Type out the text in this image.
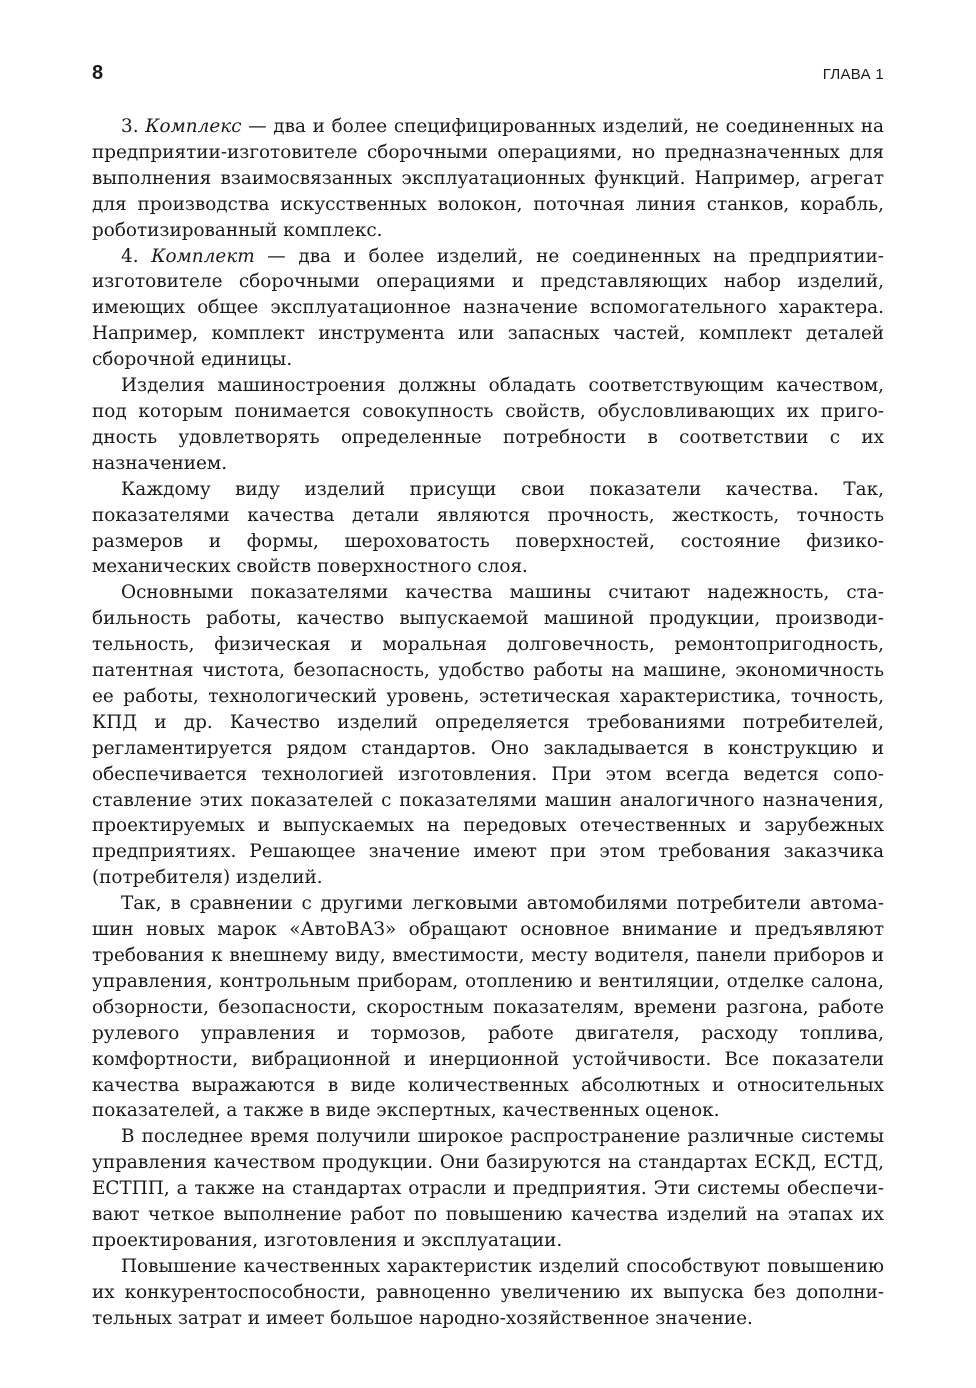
8	ГЛАВА 1

3. Комплекс — два и более специфицированных изделий, не соединенных на предприятии-изготовителе сборочными операциями, но предназначенных для выполнения взаимосвязанных эксплуатационных функций. Например, агрегат для производства искусственных волокон, поточная линия станков, корабль, роботизированный комплекс.

4. Комплект — два и более изделий, не соединенных на предприятии-изготовителе сборочными операциями и представляющих набор изделий, имеющих общее эксплуатационное назначение вспомогательного характера. Например, комплект инструмента или запасных частей, комплект деталей сборочной единицы.

Изделия машиностроения должны обладать соответствующим качеством, под которым понимается совокупность свойств, обусловливающих их пригодность удовлетворять определенные потребности в соответствии с их назначением.

Каждому виду изделий присущи свои показатели качества. Так, показателями качества детали являются прочность, жесткость, точность размеров и формы, шероховатость поверхностей, состояние физико-механических свойств поверхностного слоя.

Основными показателями качества машины считают надежность, стабильность работы, качество выпускаемой машиной продукции, производительность, физическая и моральная долговечность, ремонтопригодность, патентная чистота, безопасность, удобство работы на машине, экономичность ее работы, технологический уровень, эстетическая характеристика, точность, КПД и др. Качество изделий определяется требованиями потребителей, регламентируется рядом стандартов. Оно закладывается в конструкцию и обеспечивается технологией изготовления. При этом всегда ведется сопоставление этих показателей с показателями машин аналогичного назначения, проектируемых и выпускаемых на передовых отечественных и зарубежных предприятиях. Решающее значение имеют при этом требования заказчика (потребителя) изделий.

Так, в сравнении с другими легковыми автомобилями потребители автомашин новых марок «АвтоВАЗ» обращают основное внимание и предъявляют требования к внешнему виду, вместимости, месту водителя, панели приборов и управления, контрольным приборам, отоплению и вентиляции, отделке салона, обзорности, безопасности, скоростным показателям, времени разгона, работе рулевого управления и тормозов, работе двигателя, расходу топлива, комфортности, вибрационной и инерционной устойчивости. Все показатели качества выражаются в виде количественных абсолютных и относительных показателей, а также в виде экспертных, качественных оценок.

В последнее время получили широкое распространение различные системы управления качеством продукции. Они базируются на стандартах ЕСКД, ЕСТД, ЕСТПП, а также на стандартах отрасли и предприятия. Эти системы обеспечивают четкое выполнение работ по повышению качества изделий на этапах их проектирования, изготовления и эксплуатации.

Повышение качественных характеристик изделий способствуют повышению их конкурентоспособности, равноценно увеличению их выпуска без дополнительных затрат и имеет большое народно-хозяйственное значение.
